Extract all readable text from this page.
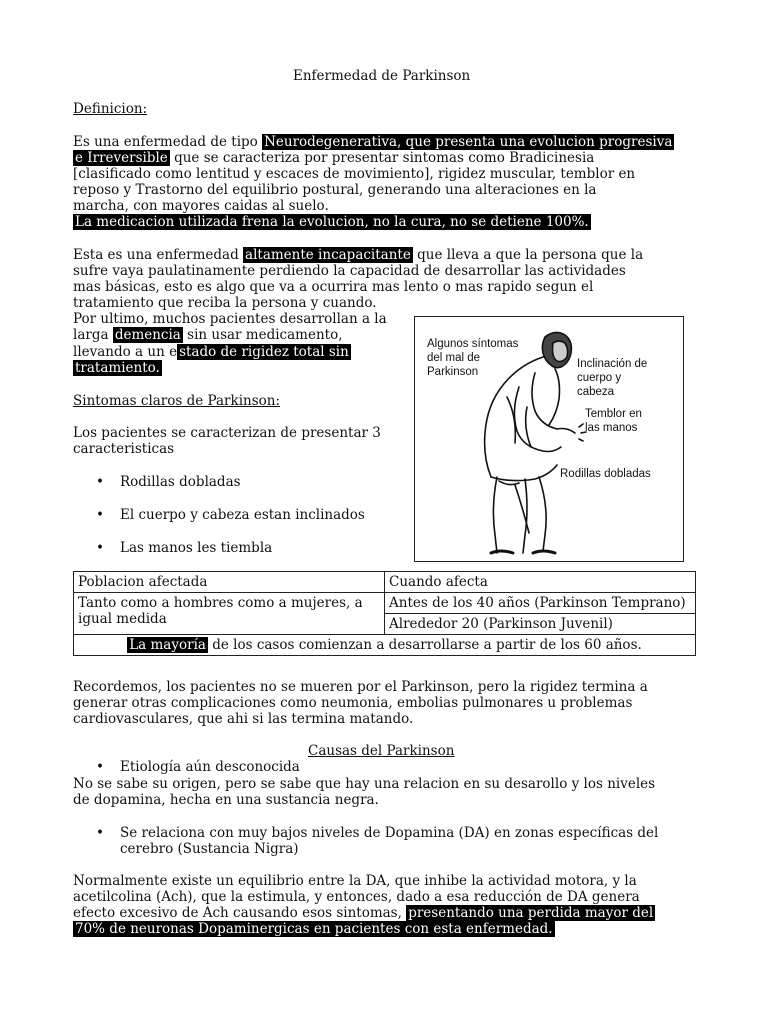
Enfermedad de Parkinson
Definicion:
Es una enfermedad de tipo Neurodegenerativa, que presenta una evolucion progresiva
e Irreversible que se caracteriza por presentar sintomas como Bradicinesia
[clasificado como lentitud y escaces de movimiento], rigidez muscular, temblor en
reposo y Trastorno del equilibrio postural, generando una alteraciones en la
marcha, con mayores caidas al suelo.
La medicacion utilizada frena la evolucion, no la cura, no se detiene 100%.
Esta es una enfermedad altamente incapacitante que lleva a que la persona que la
sufre vaya paulatinamente perdiendo la capacidad de desarrollar las actividades
mas básicas, esto es algo que va a ocurrira mas lento o mas rapido segun el
tratamiento que reciba la persona y cuando.
Por ultimo, muchos pacientes desarrollan a la
larga demencia sin usar medicamento,
llevando a un e stado de rigidez total sin
tratamiento.
Sintomas claros de Parkinson:
Los pacientes se caracterizan de presentar 3
caracteristicas
• Rodillas dobladas
• El cuerpo y cabeza estan inclinados
• Las manos les tiembla
Algunos síntomas
del mal de
Parkinson
Inclinación de
cuerpo y
cabeza
Temblor en
las manos
Rodillas dobladas
Poblacion afectada	Cuando afecta
Tanto como a hombres como a mujeres, a igual medida	Antes de los 40 años (Parkinson Temprano)
	Alrededor 20 (Parkinson Juvenil)
La mayoría de los casos comienzan a desarrollarse a partir de los 60 años.	
Recordemos, los pacientes no se mueren por el Parkinson, pero la rigidez termina a
generar otras complicaciones como neumonia, embolias pulmonares u problemas
cardiovasculares, que ahi si las termina matando.
Causas del Parkinson
• Etiología aún desconocida
No se sabe su origen, pero se sabe que hay una relacion en su desarollo y los niveles
de dopamina, hecha en una sustancia negra.
• Se relaciona con muy bajos niveles de Dopamina (DA) en zonas específicas del
cerebro (Sustancia Nigra)
Normalmente existe un equilibrio entre la DA, que inhibe la actividad motora, y la
acetilcolina (Ach), que la estimula, y entonces, dado a esa reducción de DA genera
efecto excesivo de Ach causando esos sintomas, presentando una perdida mayor del
70% de neuronas Dopaminergicas en pacientes con esta enfermedad.
